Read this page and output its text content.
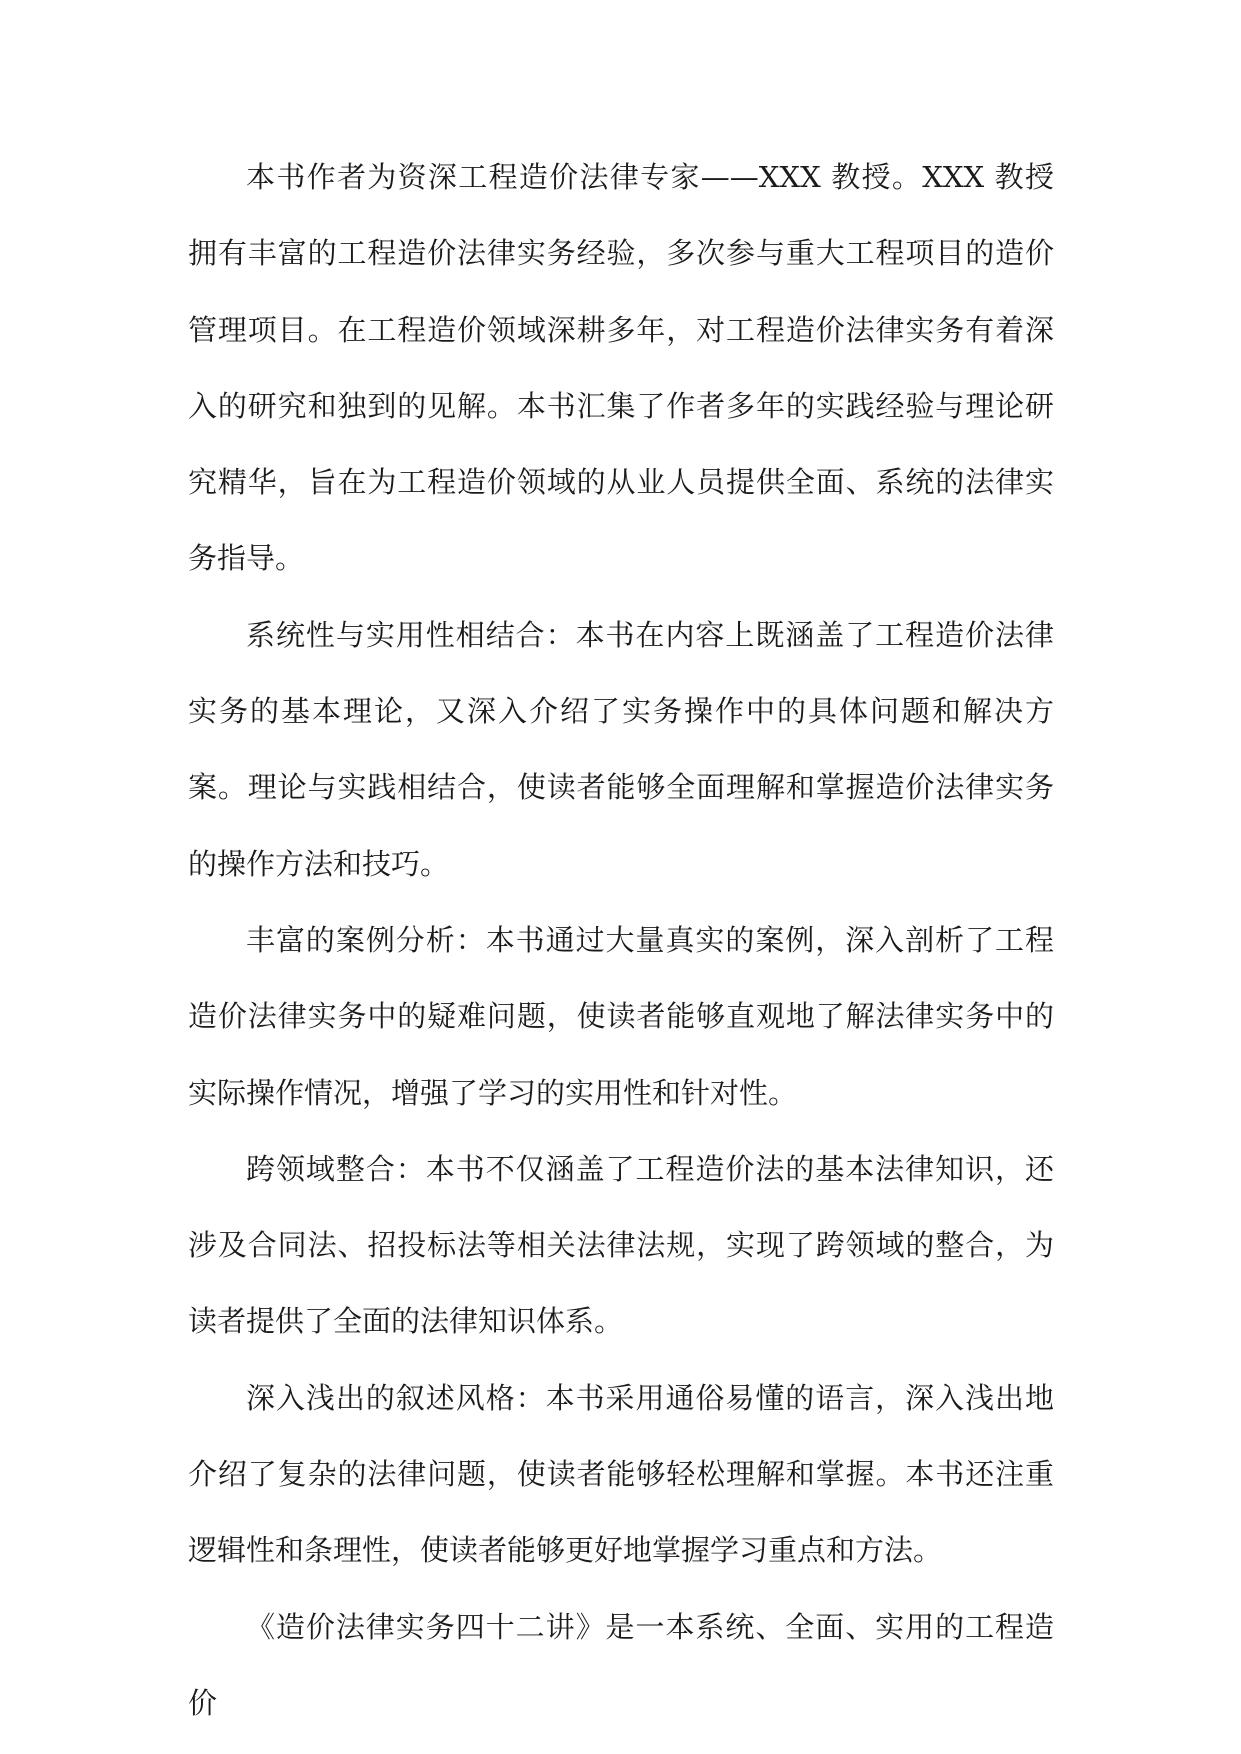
本书作者为资深工程造价法律专家——XXX 教授。XXX 教授拥有丰富的工程造价法律实务经验，多次参与重大工程项目的造价管理项目。在工程造价领域深耕多年，对工程造价法律实务有着深入的研究和独到的见解。本书汇集了作者多年的实践经验与理论研究精华，旨在为工程造价领域的从业人员提供全面、系统的法律实务指导。

系统性与实用性相结合：本书在内容上既涵盖了工程造价法律实务的基本理论，又深入介绍了实务操作中的具体问题和解决方案。理论与实践相结合，使读者能够全面理解和掌握造价法律实务的操作方法和技巧。

丰富的案例分析：本书通过大量真实的案例，深入剖析了工程造价法律实务中的疑难问题，使读者能够直观地了解法律实务中的实际操作情况，增强了学习的实用性和针对性。

跨领域整合：本书不仅涵盖了工程造价法的基本法律知识，还涉及合同法、招投标法等相关法律法规，实现了跨领域的整合，为读者提供了全面的法律知识体系。

深入浅出的叙述风格：本书采用通俗易懂的语言，深入浅出地介绍了复杂的法律问题，使读者能够轻松理解和掌握。本书还注重逻辑性和条理性，使读者能够更好地掌握学习重点和方法。

《造价法律实务四十二讲》是一本系统、全面、实用的工程造价
